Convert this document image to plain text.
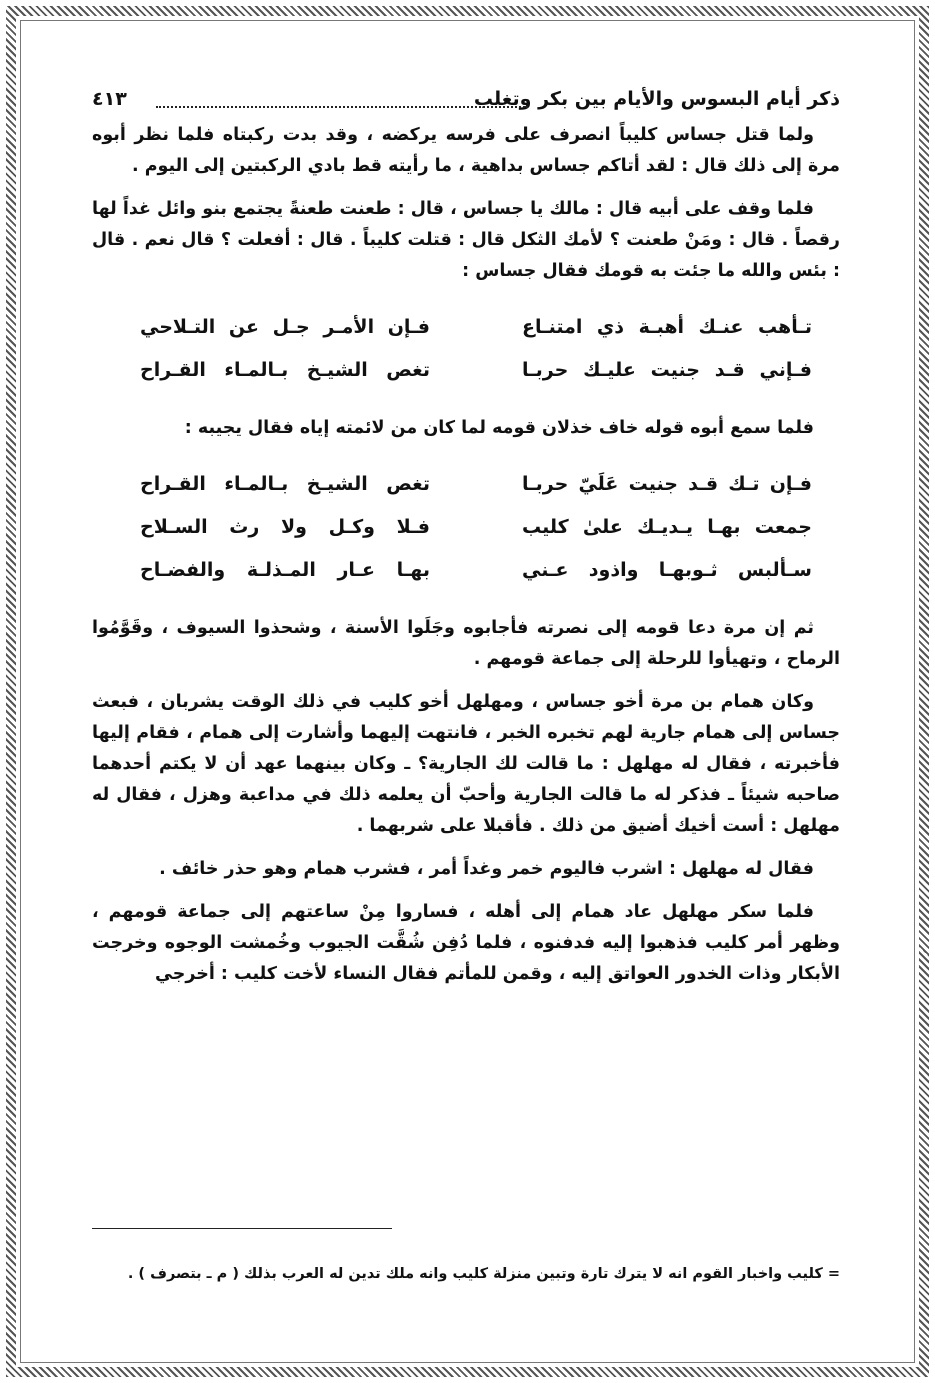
ذكر أيام البسوس والأيام بين بكر وتغلب
٤١٣

ولما قتل جساس كليباً انصرف على فرسه يركضه ، وقد بدت ركبتاه فلما نظر أبوه مرة إلى ذلك قال : لقد أتاكم جساس بداهية ، ما رأيته قط بادي الركبتين إلى اليوم .

فلما وقف على أبيه قال : مالك يا جساس ، قال : طعنت طعنةً يجتمع بنو وائل غداً لها رقصاً . قال : ومَنْ طعنت ؟ لأمك الثكل قال : قتلت كليباً . قال : أفعلت ؟ قال نعم . قال : بئس والله ما جئت به قومك فقال جساس :

تـأهب عنـك أهبـة ذي امتنـاع
فـإن الأمـر جـل عن التـلاحي
فـإني قـد جنيت عليـك حربـا
تغص الشيـخ بـالمـاء القـراح

فلما سمع أبوه قوله خاف خذلان قومه لما كان من لائمته إياه فقال يجيبه :

فـإن تـك قـد جنيت عَلَيّ حربـا
تغص الشيـخ بـالمـاء القـراح
جمعت بهـا يـديـك علىٰ كليب
فـلا وكـل ولا رث السـلاح
سـألبس ثـوبهـا واذود عـني
بهـا عـار المـذلـة والفضـاح

ثم إن مرة دعا قومه إلى نصرته فأجابوه وجَلَوا الأسنة ، وشحذوا السيوف ، وقَوَّمُوا الرماح ، وتهيأوا للرحلة إلى جماعة قومهم .

وكان همام بن مرة أخو جساس ، ومهلهل أخو كليب في ذلك الوقت يشربان ، فبعث جساس إلى همام جارية لهم تخبره الخبر ، فانتهت إليهما وأشارت إلى همام ، فقام إليها فأخبرته ، فقال له مهلهل : ما قالت لك الجارية؟ ـ وكان بينهما عهد أن لا يكتم أحدهما صاحبه شيئاً ـ فذكر له ما قالت الجارية وأحبّ أن يعلمه ذلك في مداعبة وهزل ، فقال له مهلهل : أست أخيك أضيق من ذلك . فأقبلا على شربهما .

فقال له مهلهل : اشرب فاليوم خمر وغداً أمر ، فشرب همام وهو حذر خائف .

فلما سكر مهلهل عاد همام إلى أهله ، فساروا مِنْ ساعتهم إلى جماعة قومهم ، وظهر أمر كليب فذهبوا إليه فدفنوه ، فلما دُفِن شُقَّت الجيوب وخُمشت الوجوه وخرجت الأبكار وذات الخدور العواتق إليه ، وقمن للمأتم فقال النساء لأخت كليب : أخرجي

= كليب واخبار القوم انه لا يترك تارة وتبين منزلة كليب وانه ملك تدين له العرب بذلك ( م ـ بتصرف ) .
